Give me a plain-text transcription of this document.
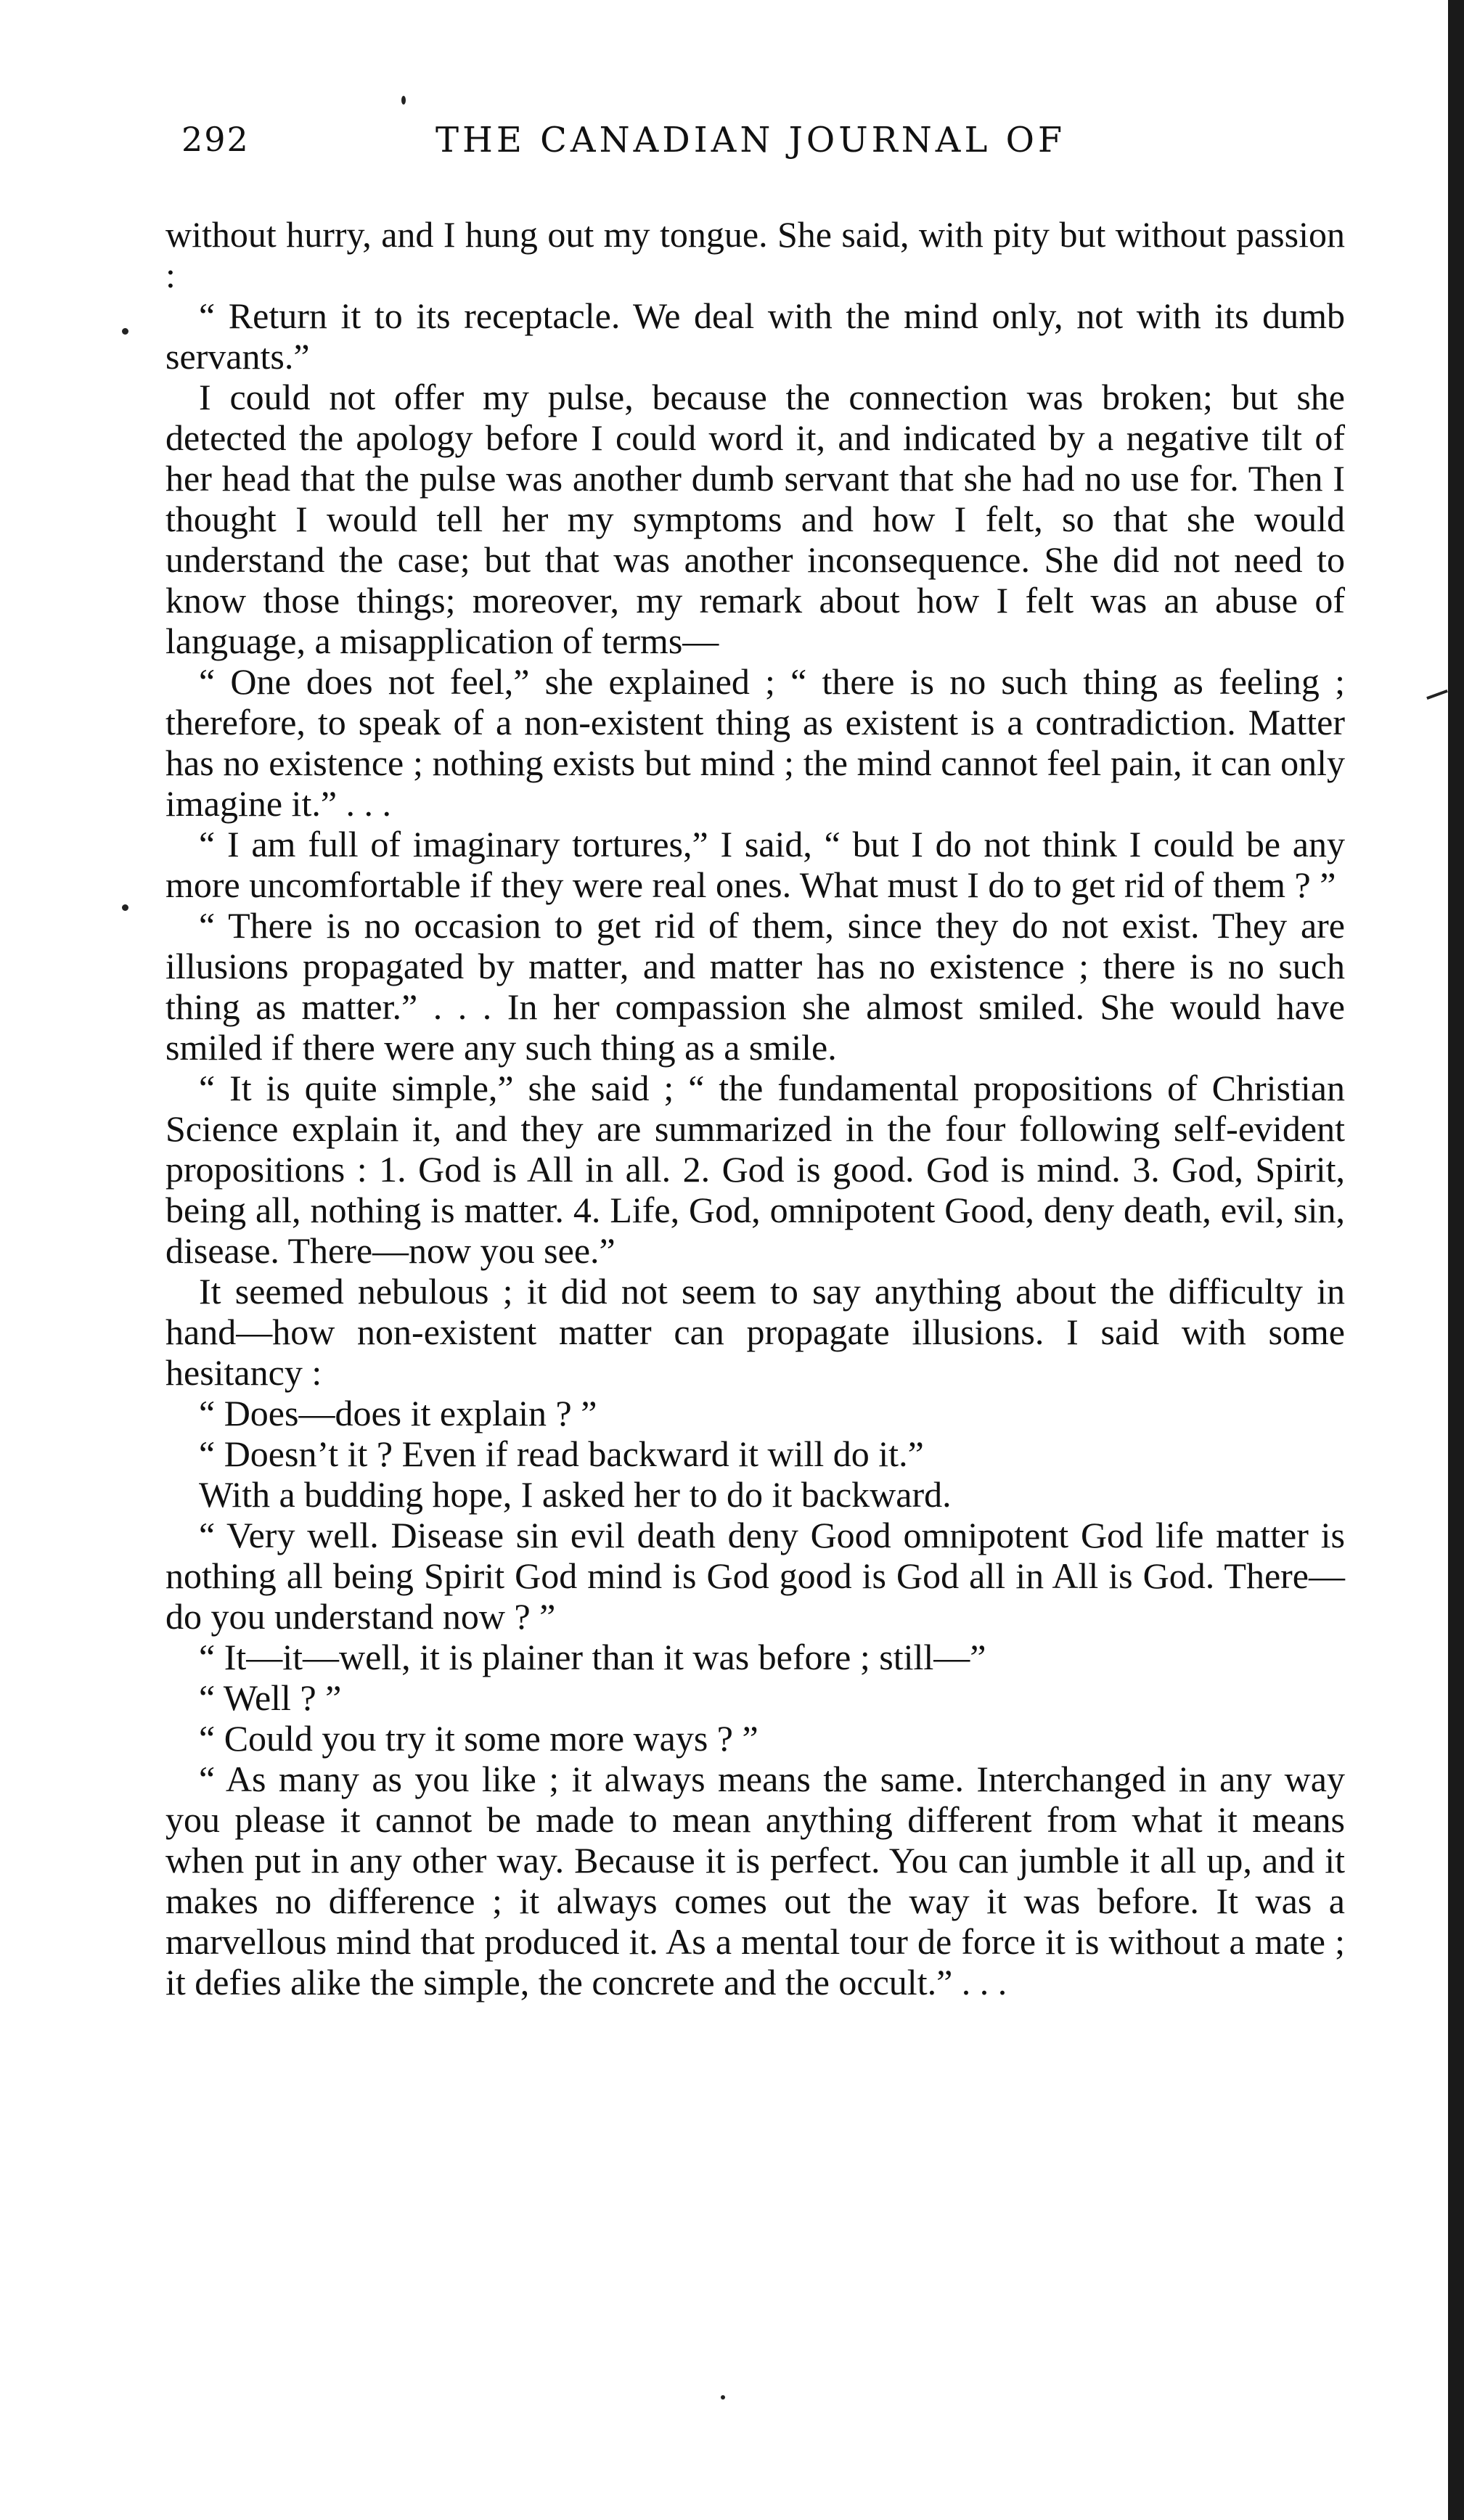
292	THE CANADIAN JOURNAL OF

without hurry, and I hung out my tongue. She said, with pity but without passion :

“ Return it to its receptacle. We deal with the mind only, not with its dumb servants.”

I could not offer my pulse, because the connection was broken; but she detected the apology before I could word it, and indicated by a negative tilt of her head that the pulse was another dumb servant that she had no use for. Then I thought I would tell her my symptoms and how I felt, so that she would understand the case; but that was another inconsequence. She did not need to know those things; moreover, my remark about how I felt was an abuse of language, a misapplication of terms—

“ One does not feel,” she explained ; “ there is no such thing as feeling ; therefore, to speak of a non-existent thing as existent is a contradiction. Matter has no existence ; nothing exists but mind ; the mind cannot feel pain, it can only imagine it.” . . .

“ I am full of imaginary tortures,” I said, “ but I do not think I could be any more uncomfortable if they were real ones. What must I do to get rid of them ? ”

“ There is no occasion to get rid of them, since they do not exist. They are illusions propagated by matter, and matter has no existence ; there is no such thing as matter.” . . . In her compassion she almost smiled. She would have smiled if there were any such thing as a smile.

“ It is quite simple,” she said ; “ the fundamental propositions of Christian Science explain it, and they are summarized in the four following self-evident propositions : 1. God is All in all. 2. God is good. God is mind. 3. God, Spirit, being all, nothing is matter. 4. Life, God, omnipotent Good, deny death, evil, sin, disease. There—now you see.”

It seemed nebulous ; it did not seem to say anything about the difficulty in hand—how non-existent matter can propagate illusions. I said with some hesitancy :

“ Does—does it explain ? ”

“ Doesn’t it ? Even if read backward it will do it.”

With a budding hope, I asked her to do it backward.

“ Very well. Disease sin evil death deny Good omnipotent God life matter is nothing all being Spirit God mind is God good is God all in All is God. There—do you understand now ? ”

“ It—it—well, it is plainer than it was before ; still—”

“ Well ? ”

“ Could you try it some more ways ? ”

“ As many as you like ; it always means the same. Interchanged in any way you please it cannot be made to mean anything different from what it means when put in any other way. Because it is perfect. You can jumble it all up, and it makes no difference ; it always comes out the way it was before. It was a marvellous mind that produced it. As a mental tour de force it is without a mate ; it defies alike the simple, the concrete and the occult.” . . .
